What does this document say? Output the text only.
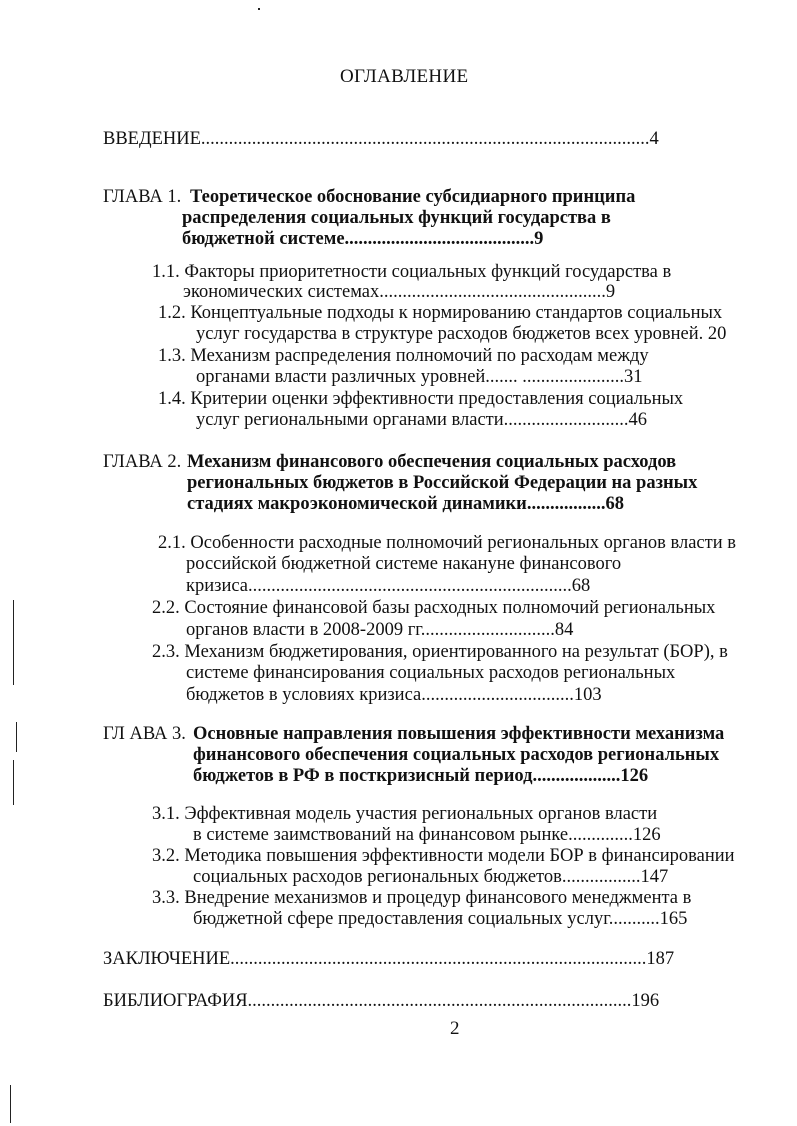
ОГЛАВЛЕНИЕ
ВВЕДЕНИЕ.................................................................................................4
ГЛАВА 1. Теоретическое обоснование субсидиарного принципа
распределения социальных функций государства в
бюджетной системе.........................................9
1.1. Факторы приоритетности социальных функций государства в
экономических системах.................................................9
1.2. Концептуальные подходы к нормированию стандартов социальных
услуг государства в структуре расходов бюджетов всех уровней. 20
1.3. Механизм распределения полномочий по расходам между
органами власти различных уровней....... ......................31
1.4. Критерии оценки эффективности предоставления социальных
услуг региональными органами власти...........................46
ГЛАВА 2. Механизм финансового обеспечения социальных расходов
региональных бюджетов в Российской Федерации на разных
стадиях макроэкономической динамики.................68
2.1. Особенности расходные полномочий региональных органов власти в
российской бюджетной системе накануне финансового
кризиса......................................................................68
2.2. Состояние финансовой базы расходных полномочий региональных
органов власти в 2008-2009 гг.............................84
2.3. Механизм бюджетирования, ориентированного на результат (БОР), в
системе финансирования социальных расходов региональных
бюджетов в условиях кризиса.................................103
ГЛ АВА 3. Основные направления повышения эффективности механизма
финансового обеспечения социальных расходов региональных
бюджетов в РФ в посткризисный период...................126
3.1. Эффективная модель участия региональных органов власти
в системе заимствований на финансовом рынке..............126
3.2. Методика повышения эффективности модели БОР в финансировании
социальных расходов региональных бюджетов.................147
3.3. Внедрение механизмов и процедур финансового менеджмента в
бюджетной сфере предоставления социальных услуг...........165
ЗАКЛЮЧЕНИЕ..........................................................................................187
БИБЛИОГРАФИЯ...................................................................................196
2
